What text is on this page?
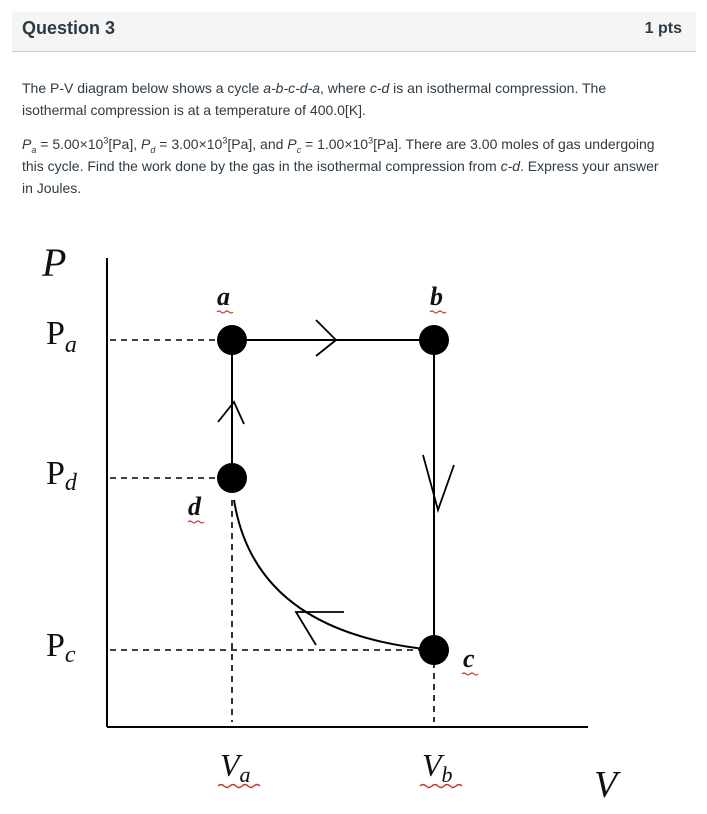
Question 3	1 pts
The P-V diagram below shows a cycle a-b-c-d-a, where c-d is an isothermal compression. The isothermal compression is at a temperature of 400.0[K].
$P_a = 5.00\times 10^3[Pa]$, $P_d = 3.00\times 10^3[Pa]$, and $P_c = 1.00\times 10^3[Pa]$. There are 3.00 moles of gas undergoing this cycle. Find the work done by the gas in the isothermal compression from c-d. Express your answer in Joules.
P
V
$P_a$
Pd
Pc
Va	Vb
a	b
c
d
